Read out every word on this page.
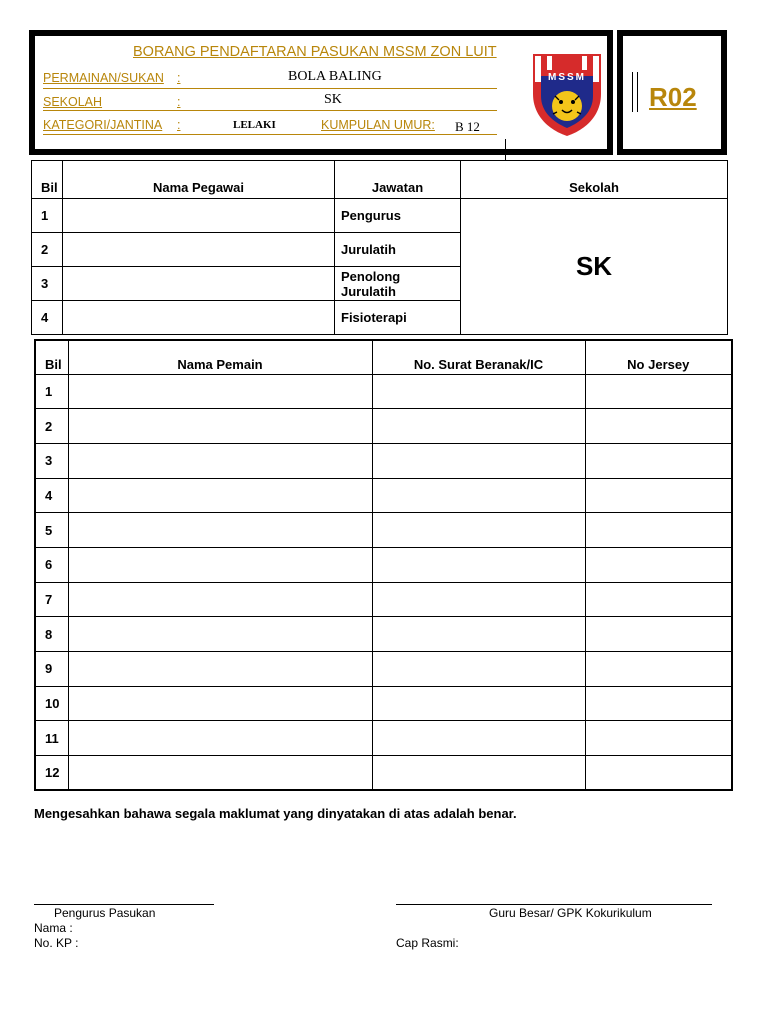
BORANG PENDAFTARAN PASUKAN MSSM ZON LUIT
PERMAINAN/SUKAN :	BOLA BALING
SEKOLAH	:	SK
KATEGORI/JANTINA :	LELAKI	KUMPULAN UMUR: B 12
MSSM
R02
Bil	Nama Pegawai	Jawatan	Sekolah
1		Pengurus	SK
2		Jurulatih	
3		Penolong
Jurulatih	
4		Fisioterapi	
Bil	Nama Pemain	No. Surat Beranak/IC	No Jersey
1			
2			
3			
4			
5			
6			
7			
8			
9			
10			
11			
12			
Mengesahkan bahawa segala maklumat yang dinyatakan di atas adalah benar.
Pengurus Pasukan
Nama :
No. KP :
Guru Besar/ GPK Kokurikulum
Cap Rasmi:
